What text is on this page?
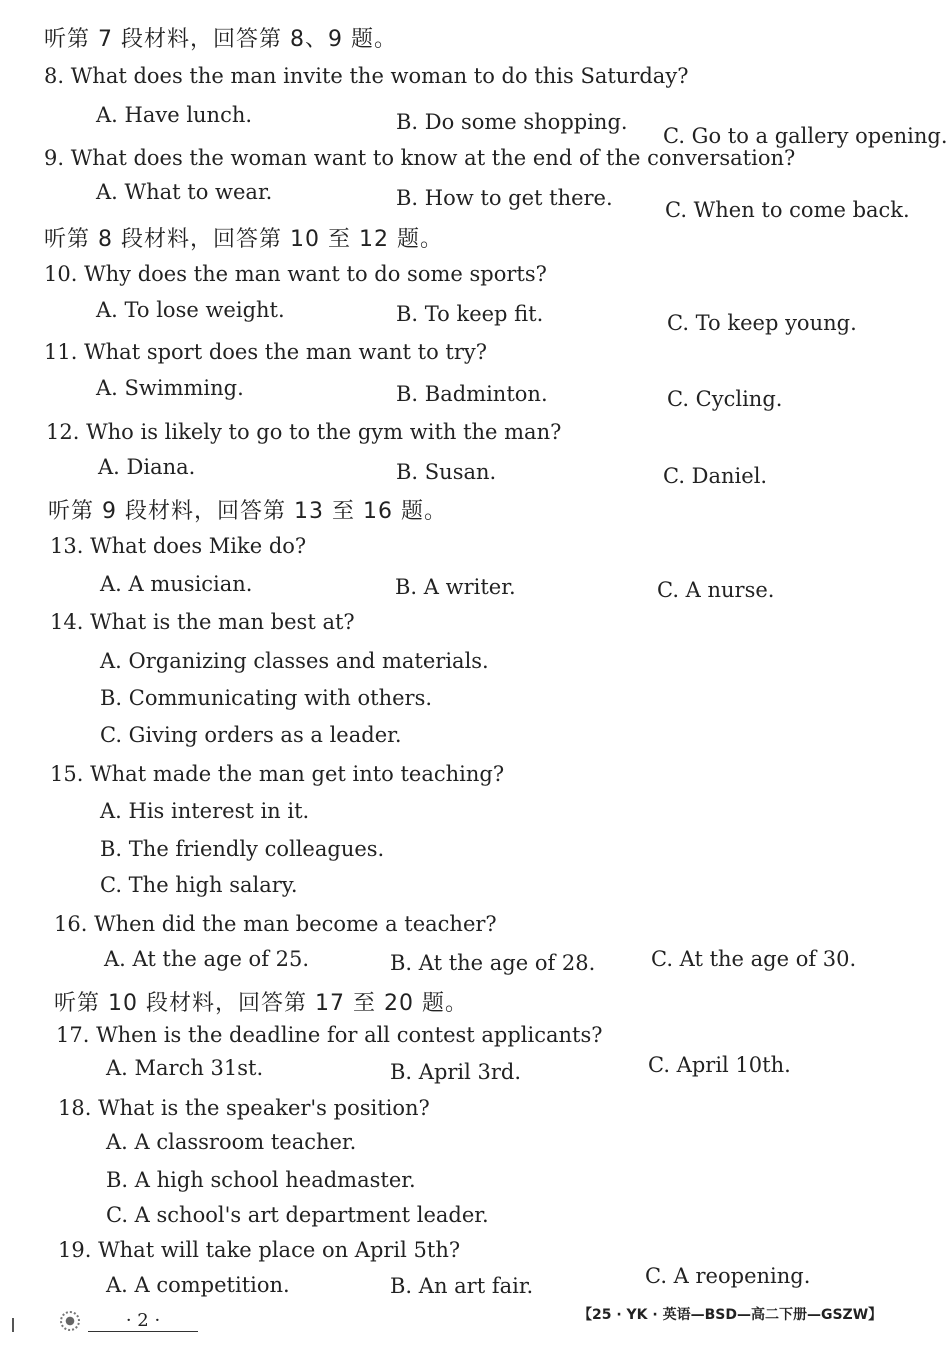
听第 7 段材料，回答第 8、9 题。
8. What does the man invite the woman to do this Saturday?
A. Have lunch.	B. Do some shopping.
C. Go to a gallery opening.
9. What does the woman want to know at the end of the conversation?
A. What to wear.	B. How to get there. C. When to come back.
听第 8 段材料，回答第 10 至 12 题。
10. Why does the man want to do some sports?
A. To lose weight.	B. To keep fit.	C. To keep young.
11. What sport does the man want to try?
A. Swimming.	B. Badminton.	C. Cycling.
12. Who is likely to go to the gym with the man?
A. Diana.	B. Susan.	C. Daniel.
听第 9 段材料，回答第 13 至 16 题。
13. What does Mike do?
A. A musician.	B. A writer.	C. A nurse.
14. What is the man best at?
A. Organizing classes and materials.
B. Communicating with others.
C. Giving orders as a leader.
15. What made the man get into teaching?
A. His interest in it.
B. The friendly colleagues.
C. The high salary.
16. When did the man become a teacher?
A. At the age of 25.	B. At the age of 28.	C. At the age of 30.
听第 10 段材料，回答第 17 至 20 题。
17. When is the deadline for all contest applicants?
A. March 31st.	B. April 3rd.	C. April 10th.
18. What is the speaker's position?
A. A classroom teacher.
B. A high school headmaster.
C. A school's art department leader.
19. What will take place on April 5th?
A. A competition.	B. An art fair.	C. A reopening.
· 2 ·	【25 · YK · 英语—BSD—高二下册—GSZW】
